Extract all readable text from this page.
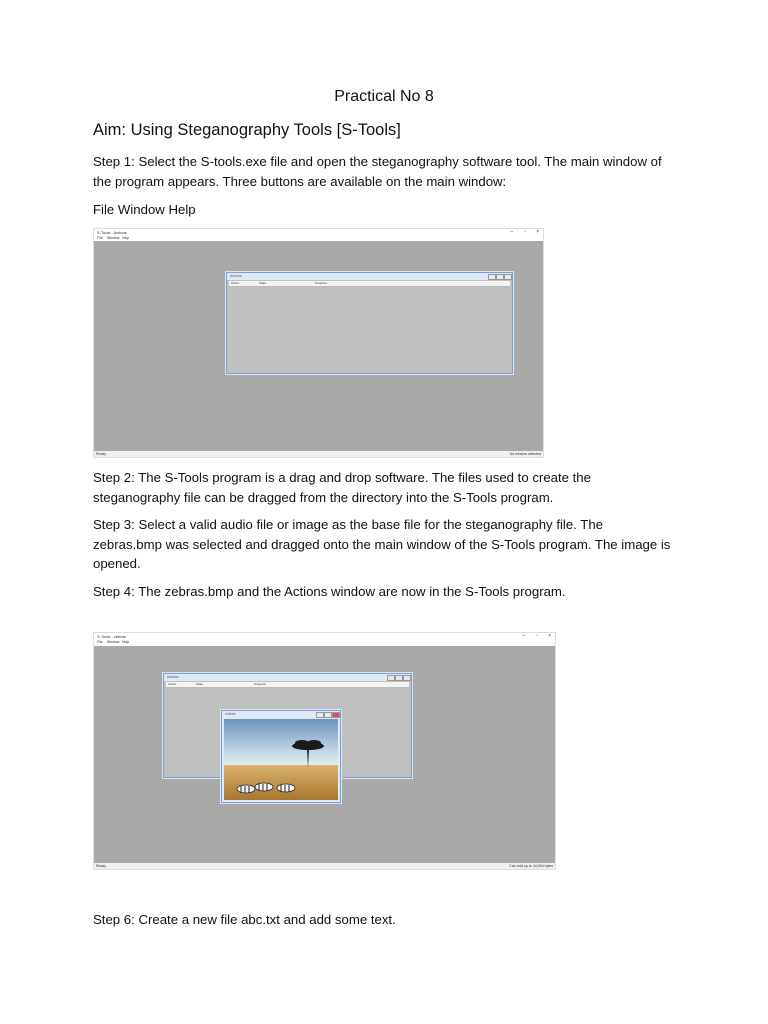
Practical No 8
Aim: Using Steganography Tools [S-Tools]
Step 1: Select the S-tools.exe file and open the steganography software tool. The main window of the program appears. Three buttons are available on the main window:
File Window Help
S-Tools - Actions	– ▫ ×
File Window Help
Actions
Action	State	Progress
Ready	No window selected
Step 2: The S-Tools program is a drag and drop software. The files used to create the steganography file can be dragged from the directory into the S-Tools program.
Step 3: Select a valid audio file or image as the base file for the steganography file. The zebras.bmp was selected and dragged onto the main window of the S-Tools program. The image is opened.
Step 4: The zebras.bmp and the Actions window are now in the S-Tools program.
S-Tools - zebras	– ▫ ×
File Window Help
Actions
Action	State	Progress
zebras
Ready	Can hold up to 44,094 bytes
Step 6: Create a new file abc.txt and add some text.
